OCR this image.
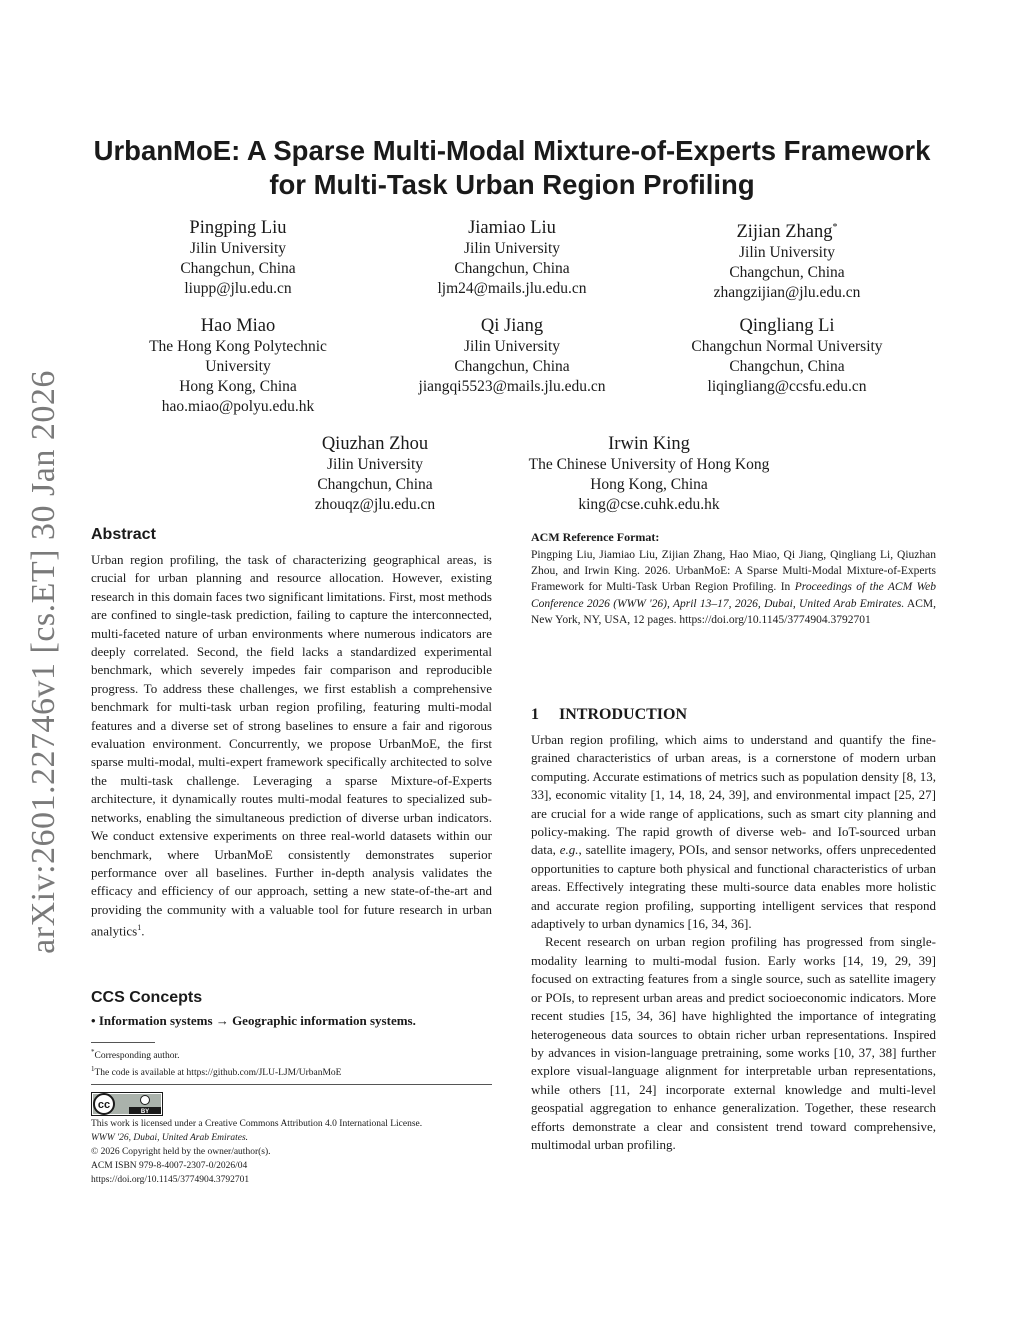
arXiv:2601.22746v1 [cs.ET] 30 Jan 2026
UrbanMoE: A Sparse Multi-Modal Mixture-of-Experts Framework
for Multi-Task Urban Region Profiling
Pingping Liu
Jilin University
Changchun, China
liupp@jlu.edu.cn
Jiamiao Liu
Jilin University
Changchun, China
ljm24@mails.jlu.edu.cn
Zijian Zhang*
Jilin University
Changchun, China
zhangzijian@jlu.edu.cn
Hao Miao
The Hong Kong Polytechnic
University
Hong Kong, China
hao.miao@polyu.edu.hk
Qi Jiang
Jilin University
Changchun, China
jiangqi5523@mails.jlu.edu.cn
Qingliang Li
Changchun Normal University
Changchun, China
liqingliang@ccsfu.edu.cn
Qiuzhan Zhou
Jilin University
Changchun, China
zhouqz@jlu.edu.cn
Irwin King
The Chinese University of Hong Kong
Hong Kong, China
king@cse.cuhk.edu.hk
Abstract

Urban region profiling, the task of characterizing geographical areas, is crucial for urban planning and resource allocation. However, existing research in this domain faces two significant limitations. First, most methods are confined to single-task prediction, failing to capture the interconnected, multi-faceted nature of urban environments where numerous indicators are deeply correlated. Second, the field lacks a standardized experimental benchmark, which severely impedes fair comparison and reproducible progress. To address these challenges, we first establish a comprehensive benchmark for multi-task urban region profiling, featuring multi-modal features and a diverse set of strong baselines to ensure a fair and rigorous evaluation environment. Concurrently, we propose UrbanMoE, the first sparse multi-modal, multi-expert framework specifically architected to solve the multi-task challenge. Leveraging a sparse Mixture-of-Experts architecture, it dynamically routes multi-modal features to specialized sub-networks, enabling the simultaneous prediction of diverse urban indicators. We conduct extensive experiments on three real-world datasets within our benchmark, where UrbanMoE consistently demonstrates superior performance over all baselines. Further in-depth analysis validates the efficacy and efficiency of our approach, setting a new state-of-the-art and providing the community with a valuable tool for future research in urban analytics$^1$.

CCS Concepts
• Information systems → Geographic information systems.
*Corresponding author.
$^1$The code is available at https://github.com/JLU-LJM/UrbanMoE
cc
BY
This work is licensed under a Creative Commons Attribution 4.0 International License.
WWW '26, Dubai, United Arab Emirates.
© 2026 Copyright held by the owner/author(s).
ACM ISBN 979-8-4007-2307-0/2026/04
https://doi.org/10.1145/3774904.3792701
ACM Reference Format:
Pingping Liu, Jiamiao Liu, Zijian Zhang, Hao Miao, Qi Jiang, Qingliang Li, Qiuzhan Zhou, and Irwin King. 2026. UrbanMoE: A Sparse Multi-Modal Mixture-of-Experts Framework for Multi-Task Urban Region Profiling. In Proceedings of the ACM Web Conference 2026 (WWW '26), April 13–17, 2026, Dubai, United Arab Emirates. ACM, New York, NY, USA, 12 pages. https://doi.org/10.1145/3774904.3792701
1 INTRODUCTION

Urban region profiling, which aims to understand and quantify the fine-grained characteristics of urban areas, is a cornerstone of modern urban computing. Accurate estimations of metrics such as population density [8, 13, 33], economic vitality [1, 14, 18, 24, 39], and environmental impact [25, 27] are crucial for a wide range of applications, such as smart city planning and policy-making. The rapid growth of diverse web- and IoT-sourced urban data, e.g., satellite imagery, POIs, and sensor networks, offers unprecedented opportunities to capture both physical and functional characteristics of urban areas. Effectively integrating these multi-source data enables more holistic and accurate region profiling, supporting intelligent services that respond adaptively to urban dynamics [16, 34, 36].

Recent research on urban region profiling has progressed from single-modality learning to multi-modal fusion. Early works [14, 19, 29, 39] focused on extracting features from a single source, such as satellite imagery or POIs, to represent urban areas and predict socioeconomic indicators. More recent studies [15, 34, 36] have highlighted the importance of integrating heterogeneous data sources to obtain richer urban representations. Inspired by advances in vision-language pretraining, some works [10, 37, 38] further explore visual-language alignment for interpretable urban representations, while others [11, 24] incorporate external knowledge and multi-level geospatial aggregation to enhance generalization. Together, these research efforts demonstrate a clear and consistent trend toward comprehensive, multimodal urban profiling.
